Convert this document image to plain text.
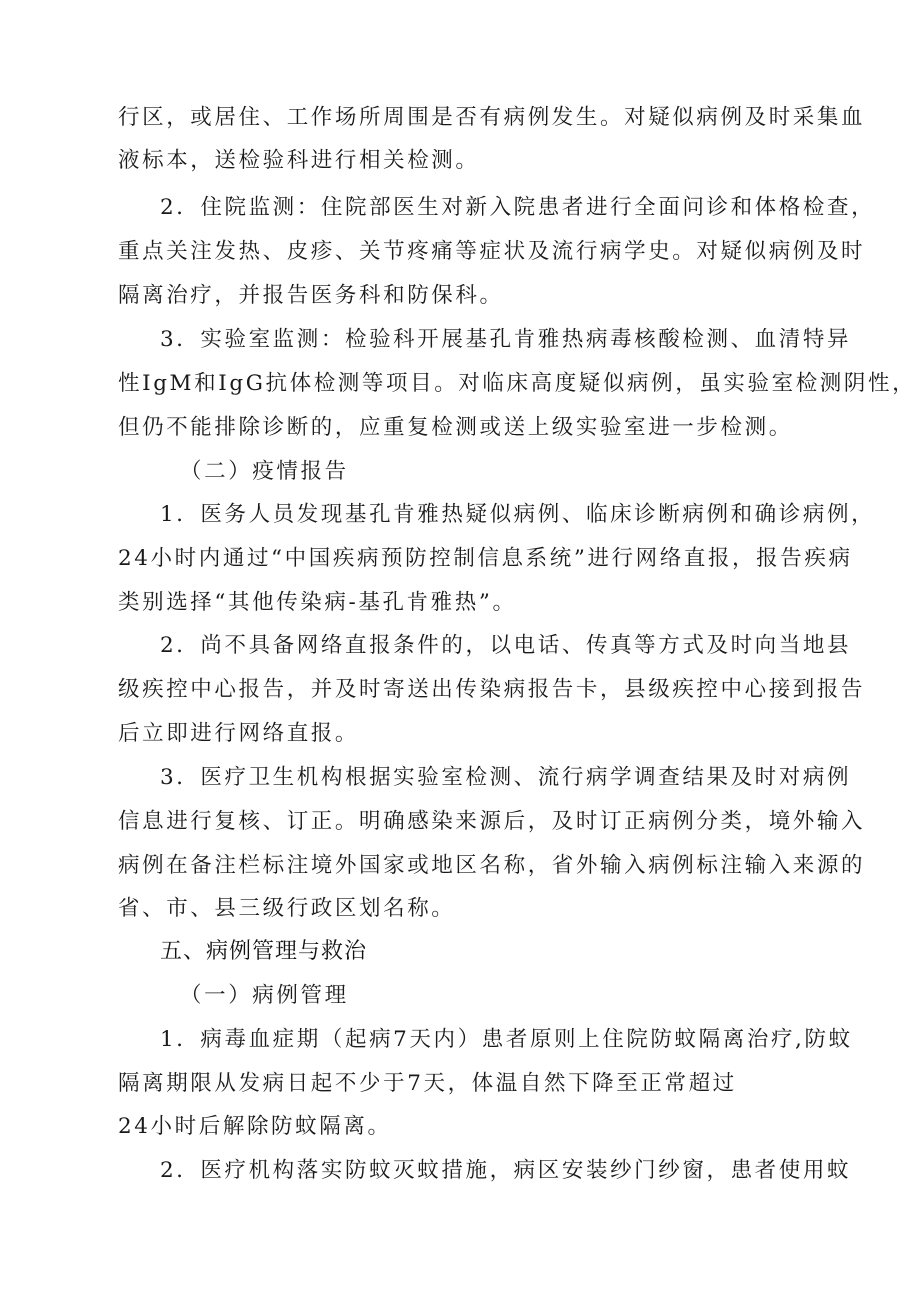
行区，或居住、工作场所周围是否有病例发生。对疑似病例及时采集血
液标本，送检验科进行相关检测。
2．住院监测：住院部医生对新入院患者进行全面问诊和体格检查，
重点关注发热、皮疹、关节疼痛等症状及流行病学史。对疑似病例及时
隔离治疗，并报告医务科和防保科。
3．实验室监测：检验科开展基孔肯雅热病毒核酸检测、血清特异
性IgM和IgG抗体检测等项目。对临床高度疑似病例，虽实验室检测阴性，
但仍不能排除诊断的，应重复检测或送上级实验室进一步检测。
（二）疫情报告
1．医务人员发现基孔肯雅热疑似病例、临床诊断病例和确诊病例，
24小时内通过“中国疾病预防控制信息系统”进行网络直报，报告疾病
类别选择“其他传染病-基孔肯雅热”。
2．尚不具备网络直报条件的，以电话、传真等方式及时向当地县
级疾控中心报告，并及时寄送出传染病报告卡，县级疾控中心接到报告
后立即进行网络直报。
3．医疗卫生机构根据实验室检测、流行病学调查结果及时对病例
信息进行复核、订正。明确感染来源后，及时订正病例分类，境外输入
病例在备注栏标注境外国家或地区名称，省外输入病例标注输入来源的
省、市、县三级行政区划名称。
五、病例管理与救治
（一）病例管理
1．病毒血症期（起病7天内）患者原则上住院防蚊隔离治疗,防蚊
隔离期限从发病日起不少于7天，体温自然下降至正常超过
24小时后解除防蚊隔离。
2．医疗机构落实防蚊灭蚊措施，病区安装纱门纱窗，患者使用蚊
